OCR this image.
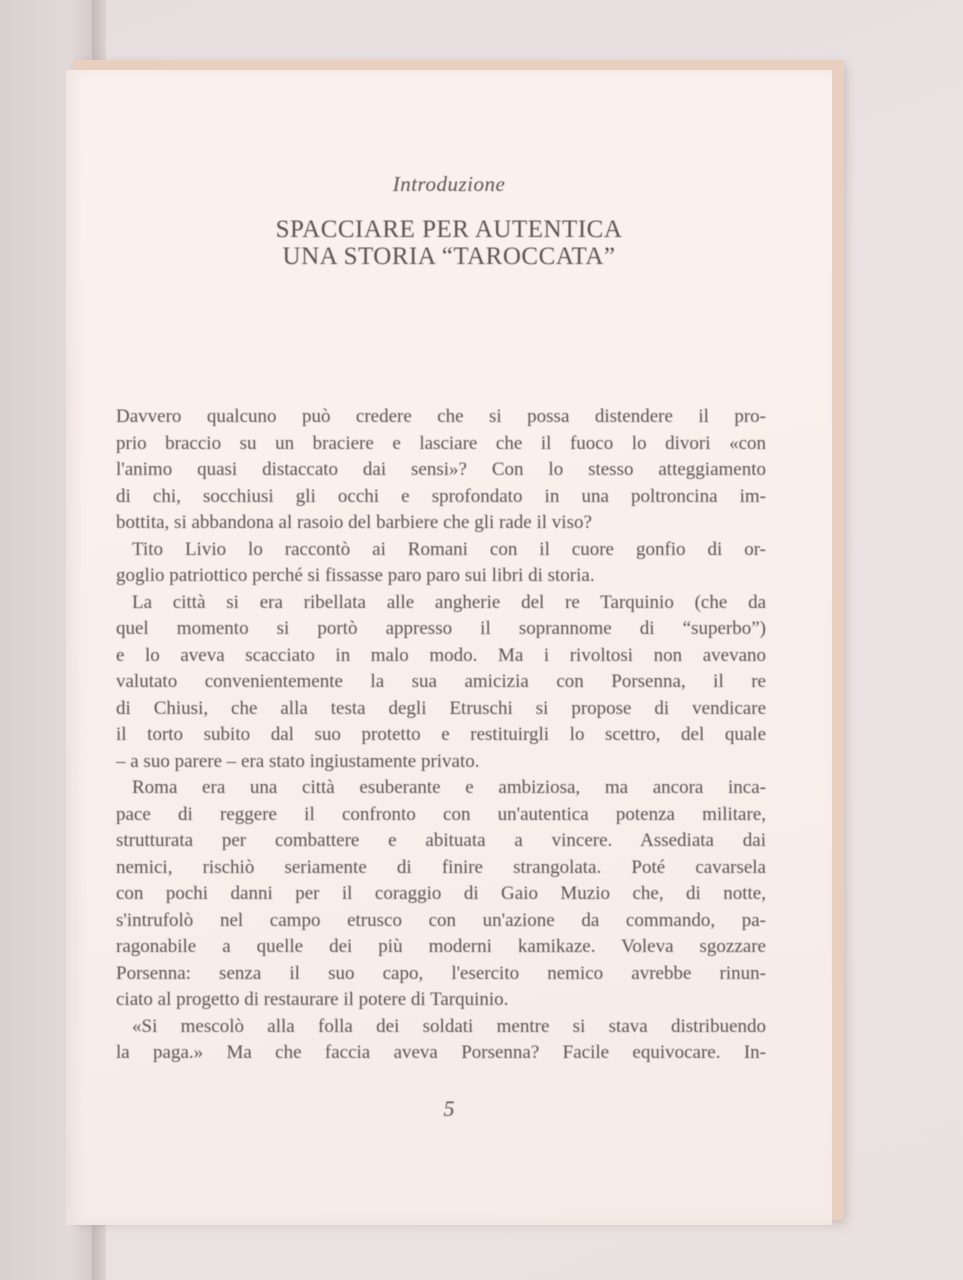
Introduzione
SPACCIARE PER AUTENTICA
UNA STORIA “TAROCCATA”
Davvero qualcuno può credere che si possa distendere il pro-
prio braccio su un braciere e lasciare che il fuoco lo divori «con
l'animo quasi distaccato dai sensi»? Con lo stesso atteggiamento
di chi, socchiusi gli occhi e sprofondato in una poltroncina im-
bottita, si abbandona al rasoio del barbiere che gli rade il viso?
Tito Livio lo raccontò ai Romani con il cuore gonfio di or-
goglio patriottico perché si fissasse paro paro sui libri di storia.
La città si era ribellata alle angherie del re Tarquinio (che da
quel momento si portò appresso il soprannome di “superbo”)
e lo aveva scacciato in malo modo. Ma i rivoltosi non avevano
valutato convenientemente la sua amicizia con Porsenna, il re
di Chiusi, che alla testa degli Etruschi si propose di vendicare
il torto subito dal suo protetto e restituirgli lo scettro, del quale
– a suo parere – era stato ingiustamente privato.
Roma era una città esuberante e ambiziosa, ma ancora inca-
pace di reggere il confronto con un'autentica potenza militare,
strutturata per combattere e abituata a vincere. Assediata dai
nemici, rischiò seriamente di finire strangolata. Poté cavarsela
con pochi danni per il coraggio di Gaio Muzio che, di notte,
s'intrufolò nel campo etrusco con un'azione da commando, pa-
ragonabile a quelle dei più moderni kamikaze. Voleva sgozzare
Porsenna: senza il suo capo, l'esercito nemico avrebbe rinun-
ciato al progetto di restaurare il potere di Tarquinio.
«Si mescolò alla folla dei soldati mentre si stava distribuendo
la paga.» Ma che faccia aveva Porsenna? Facile equivocare. In-
5
